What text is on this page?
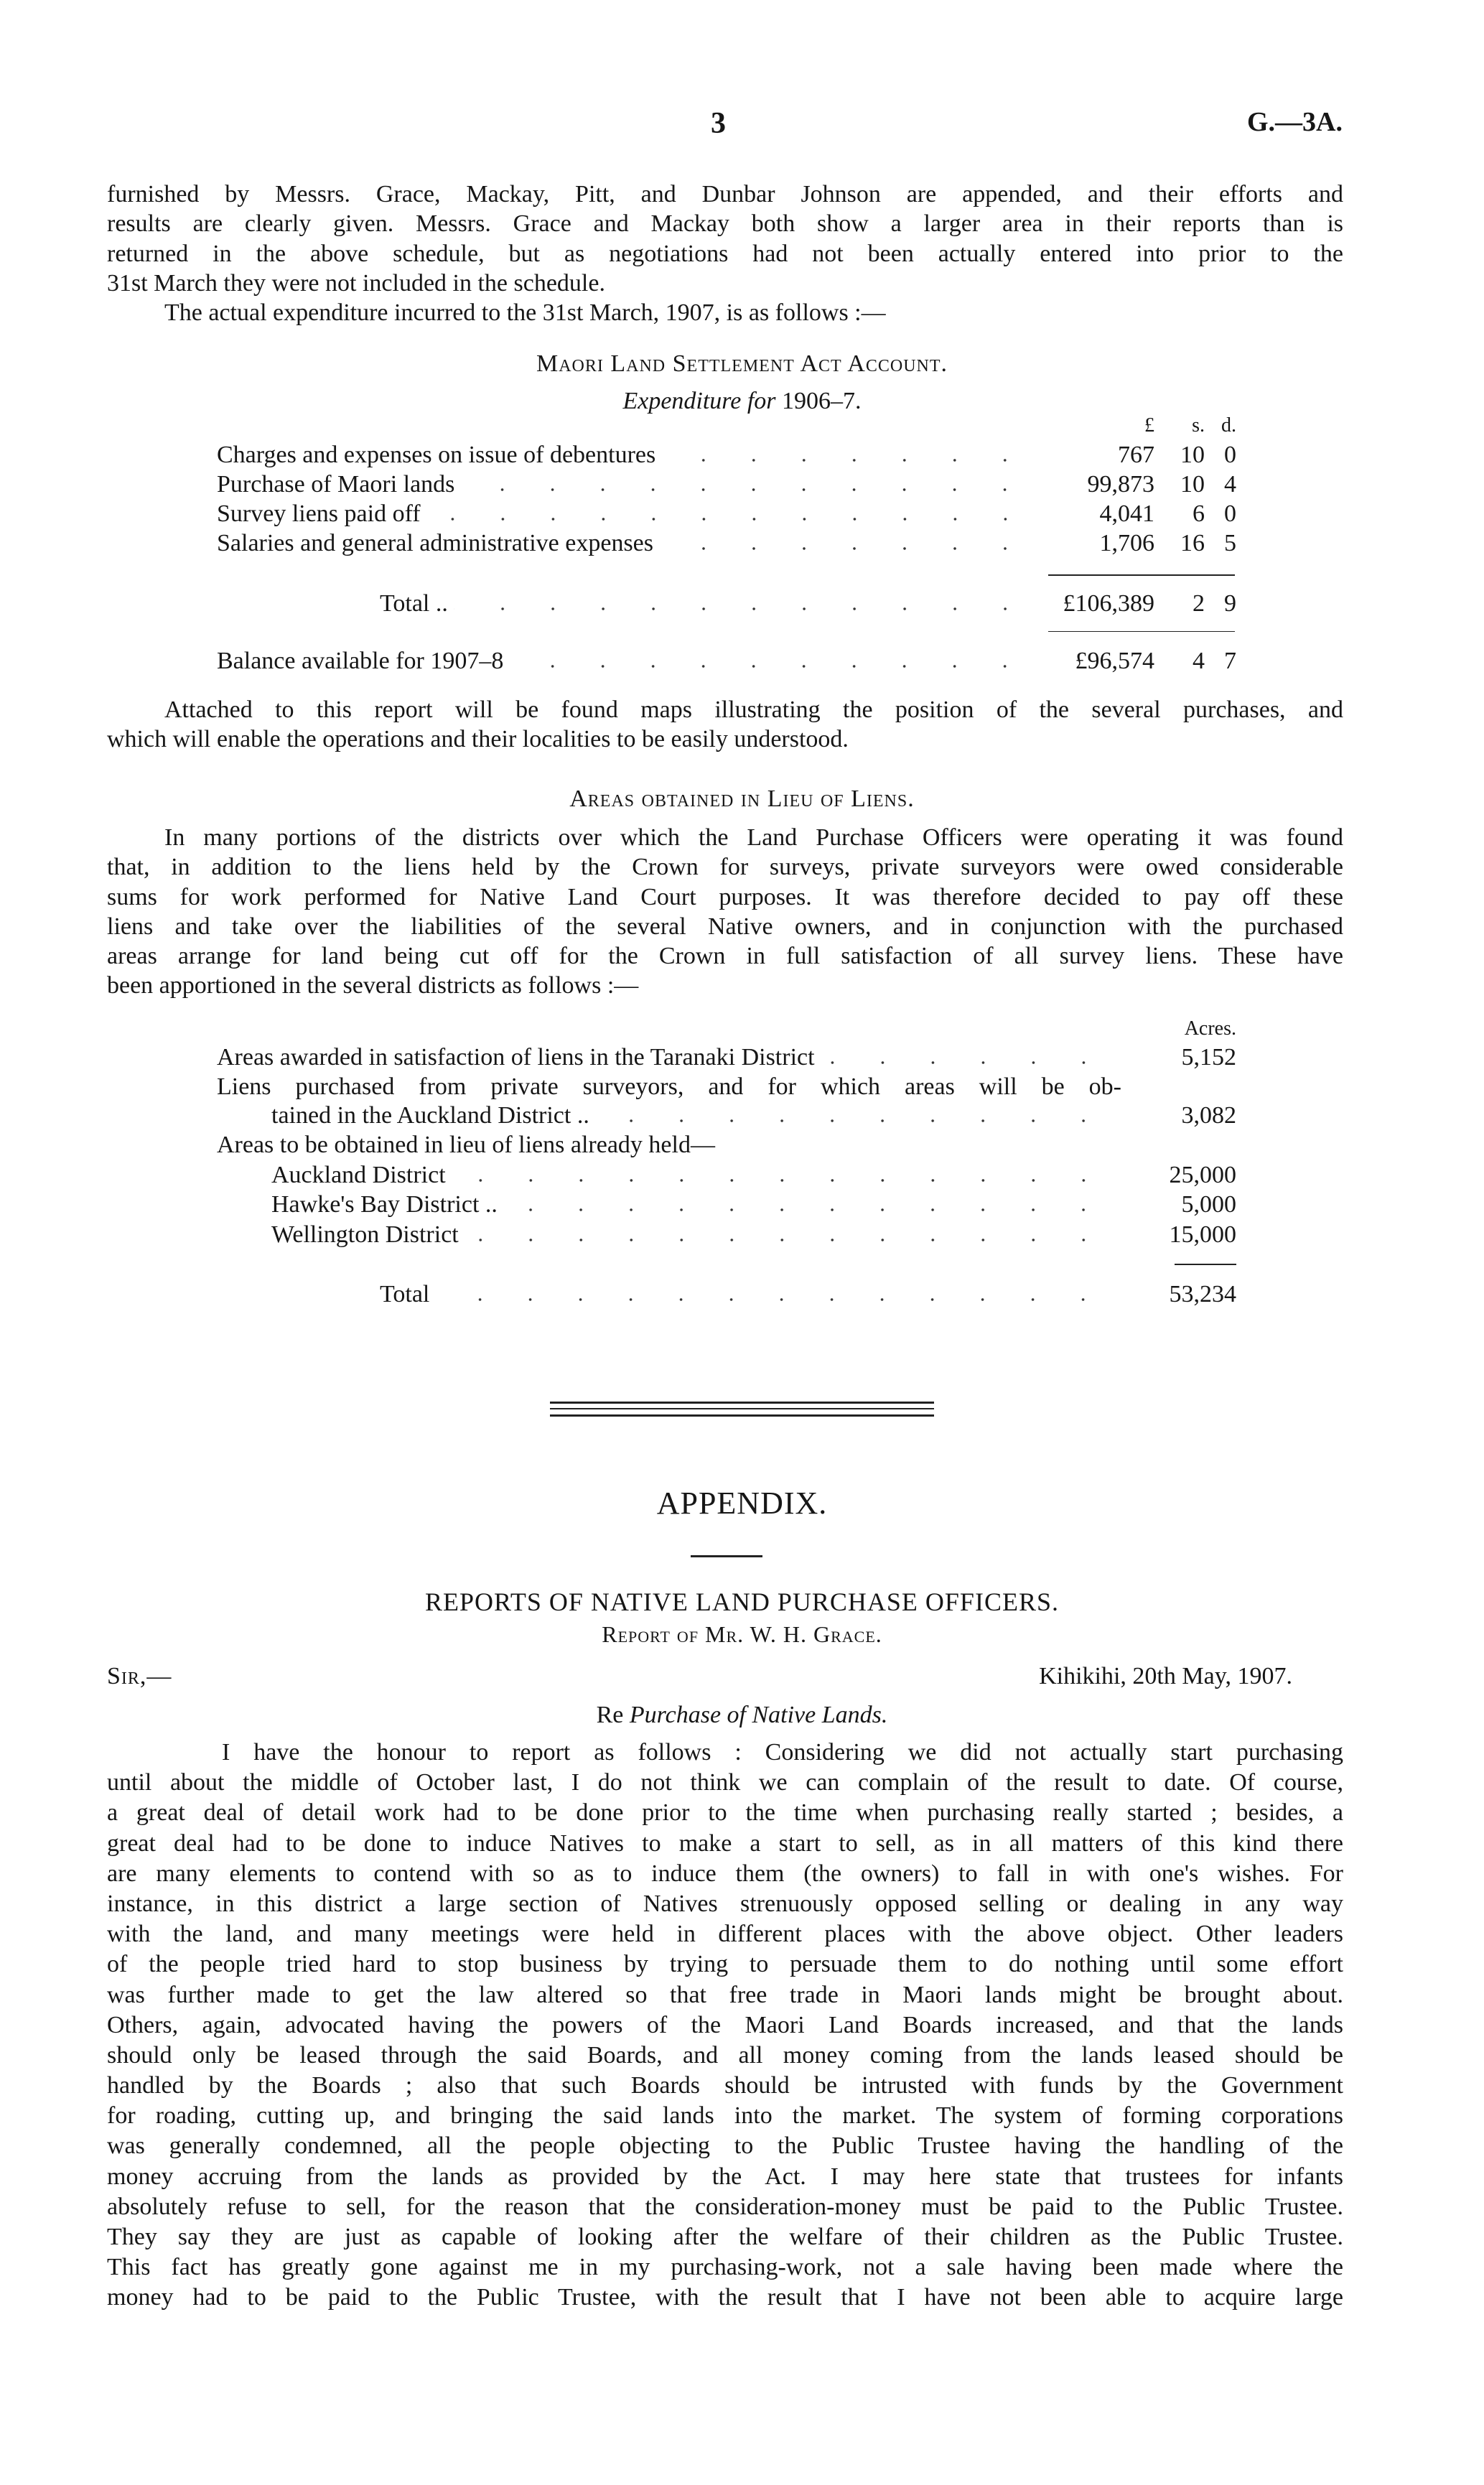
3	G.—3A.
furnished by Messrs. Grace, Mackay, Pitt, and Dunbar Johnson are appended, and their efforts and
results are clearly given. Messrs. Grace and Mackay both show a larger area in their reports than is
returned in the above schedule, but as negotiations had not been actually entered into prior to the
31st March they were not included in the schedule.
The actual expenditure incurred to the 31st March, 1907, is as follows :—
Maori Land Settlement Act Account.
Expenditure for 1906–7.
£	s. d.
Charges and expenses on issue of debentures	767	10 0
Purchase of Maori lands	99,873	10 4
Survey liens paid off	4,041	6 0
Salaries and general administrative expenses	1,706	16 5
Total ..	£106,389	2 9
Balance available for 1907–8	£96,574	4 7
Attached to this report will be found maps illustrating the position of the several purchases, and
which will enable the operations and their localities to be easily understood.
Areas obtained in Lieu of Liens.
In many portions of the districts over which the Land Purchase Officers were operating it was found
that, in addition to the liens held by the Crown for surveys, private surveyors were owed considerable
sums for work performed for Native Land Court purposes. It was therefore decided to pay off these
liens and take over the liabilities of the several Native owners, and in conjunction with the purchased
areas arrange for land being cut off for the Crown in full satisfaction of all survey liens. These have
been apportioned in the several districts as follows :—
Acres.
Areas awarded in satisfaction of liens in the Taranaki District	5,152
Liens purchased from private surveyors, and for which areas will be ob-
tained in the Auckland District ..	3,082
Areas to be obtained in lieu of liens already held—
Auckland District	25,000
Hawke's Bay District ..	5,000
Wellington District	15,000
Total	53,234
APPENDIX.
REPORTS OF NATIVE LAND PURCHASE OFFICERS.
Report of Mr. W. H. Grace.
Sir,—	Kihikihi, 20th May, 1907.
Re Purchase of Native Lands.
I have the honour to report as follows : Considering we did not actually start purchasing
until about the middle of October last, I do not think we can complain of the result to date. Of course,
a great deal of detail work had to be done prior to the time when purchasing really started ; besides, a
great deal had to be done to induce Natives to make a start to sell, as in all matters of this kind there
are many elements to contend with so as to induce them (the owners) to fall in with one's wishes. For
instance, in this district a large section of Natives strenuously opposed selling or dealing in any way
with the land, and many meetings were held in different places with the above object. Other leaders
of the people tried hard to stop business by trying to persuade them to do nothing until some effort
was further made to get the law altered so that free trade in Maori lands might be brought about.
Others, again, advocated having the powers of the Maori Land Boards increased, and that the lands
should only be leased through the said Boards, and all money coming from the lands leased should be
handled by the Boards ; also that such Boards should be intrusted with funds by the Government
for roading, cutting up, and bringing the said lands into the market. The system of forming corporations
was generally condemned, all the people objecting to the Public Trustee having the handling of the
money accruing from the lands as provided by the Act. I may here state that trustees for infants
absolutely refuse to sell, for the reason that the consideration-money must be paid to the Public Trustee.
They say they are just as capable of looking after the welfare of their children as the Public Trustee.
This fact has greatly gone against me in my purchasing-work, not a sale having been made where the
money had to be paid to the Public Trustee, with the result that I have not been able to acquire large
